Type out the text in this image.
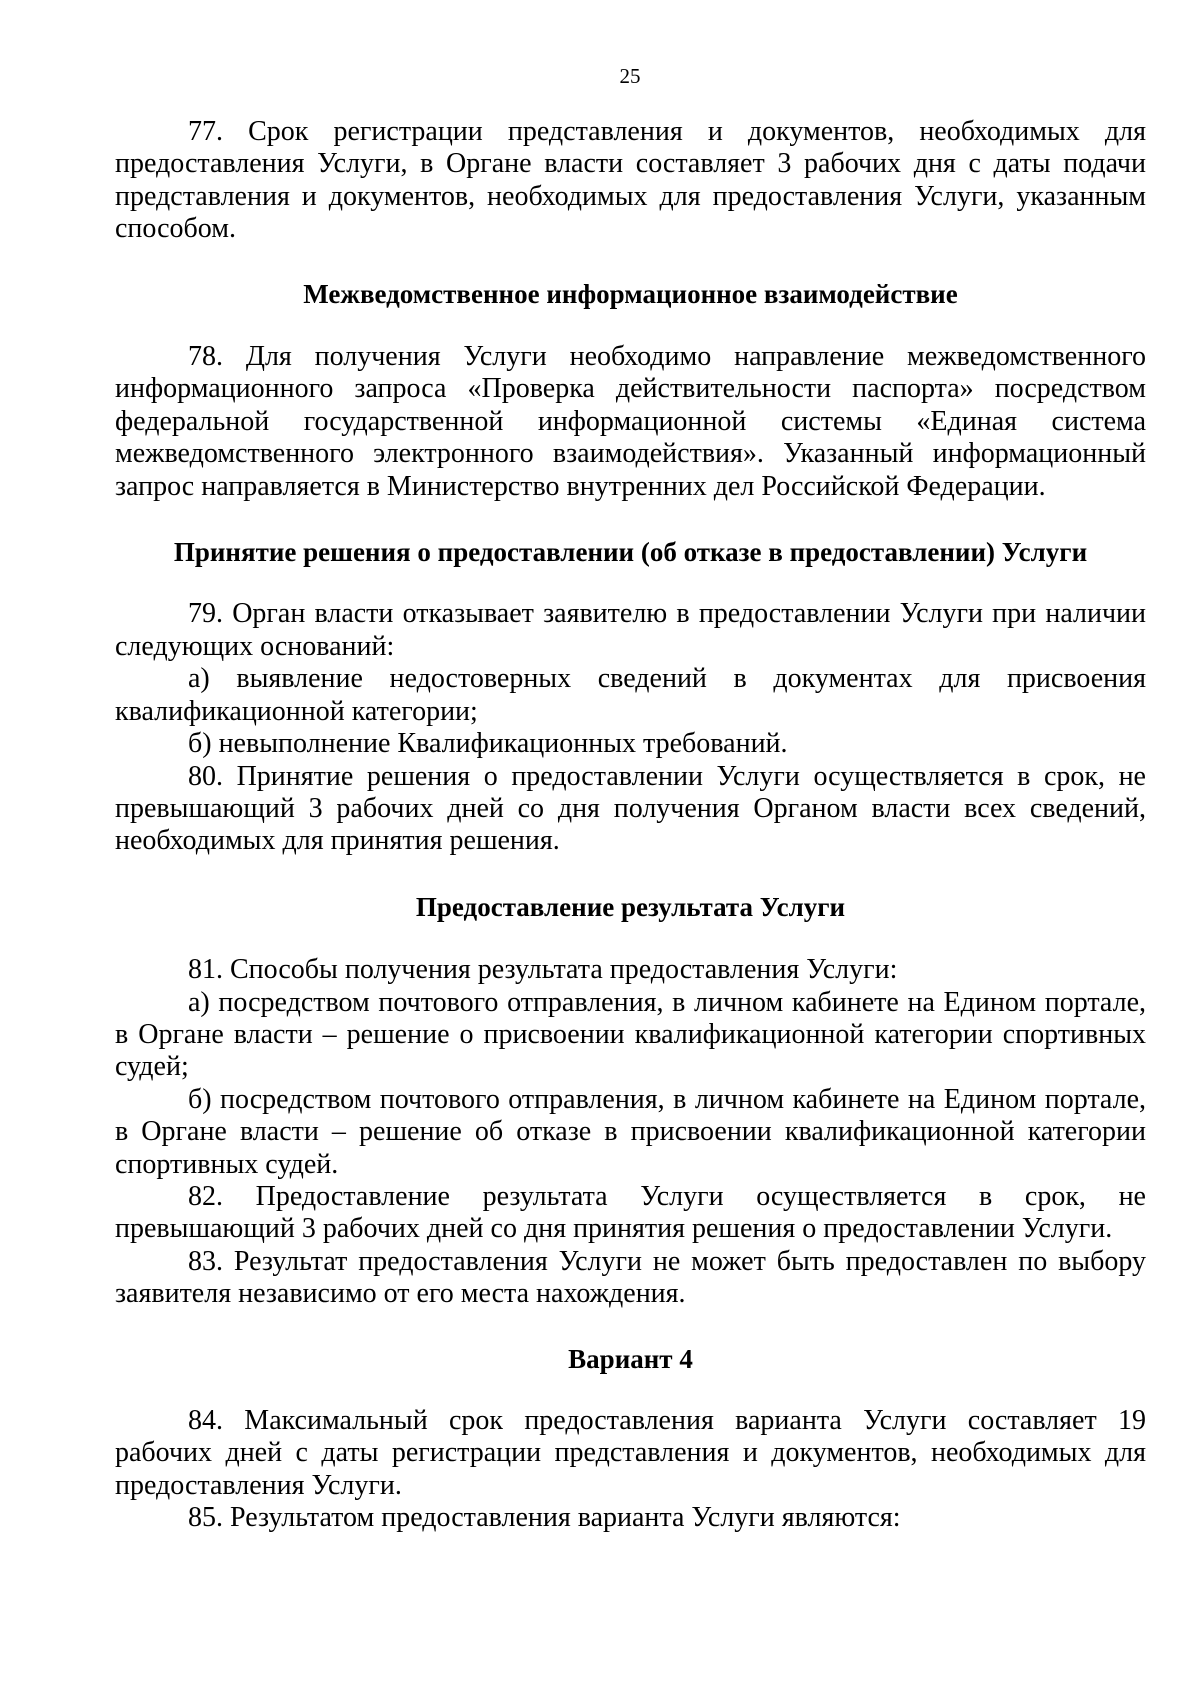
25

77. Срок регистрации представления и документов, необходимых для предоставления Услуги, в Органе власти составляет 3 рабочих дня с даты подачи представления и документов, необходимых для предоставления Услуги, указанным способом.

Межведомственное информационное взаимодействие

78. Для получения Услуги необходимо направление межведомственного информационного запроса «Проверка действительности паспорта» посредством федеральной государственной информационной системы «Единая система межведомственного электронного взаимодействия». Указанный информационный запрос направляется в Министерство внутренних дел Российской Федерации.

Принятие решения о предоставлении (об отказе в предоставлении) Услуги

79. Орган власти отказывает заявителю в предоставлении Услуги при наличии следующих оснований:

а) выявление недостоверных сведений в документах для присвоения квалификационной категории;

б) невыполнение Квалификационных требований.

80. Принятие решения о предоставлении Услуги осуществляется в срок, не превышающий 3 рабочих дней со дня получения Органом власти всех сведений, необходимых для принятия решения.

Предоставление результата Услуги

81. Способы получения результата предоставления Услуги:

а) посредством почтового отправления, в личном кабинете на Едином портале, в Органе власти – решение о присвоении квалификационной категории спортивных судей;

б) посредством почтового отправления, в личном кабинете на Едином портале, в Органе власти – решение об отказе в присвоении квалификационной категории спортивных судей.

82. Предоставление результата Услуги осуществляется в срок, не превышающий 3 рабочих дней со дня принятия решения о предоставлении Услуги.

83. Результат предоставления Услуги не может быть предоставлен по выбору заявителя независимо от его места нахождения.

Вариант 4

84. Максимальный срок предоставления варианта Услуги составляет 19 рабочих дней с даты регистрации представления и документов, необходимых для предоставления Услуги.

85. Результатом предоставления варианта Услуги являются:
